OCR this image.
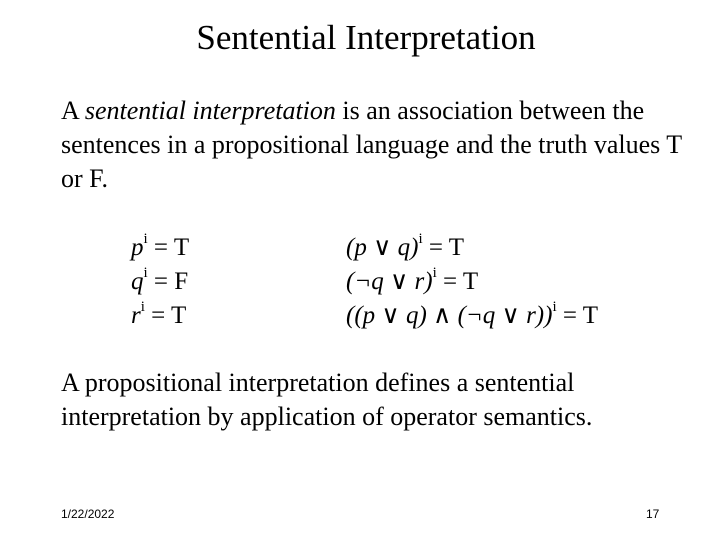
Sentential Interpretation
A sentential interpretation is an association between the sentences in a propositional language and the truth values T or F.
$p^i = T$
$q^i = F$
$r^i = T$
(p ∨ q)$^i$ = T
(¬q ∨ r)$^i$ = T
((p ∨ q) ∧ (¬q ∨ r))$^i$ = T
A propositional interpretation defines a sentential interpretation by application of operator semantics.
1/22/2022	17
